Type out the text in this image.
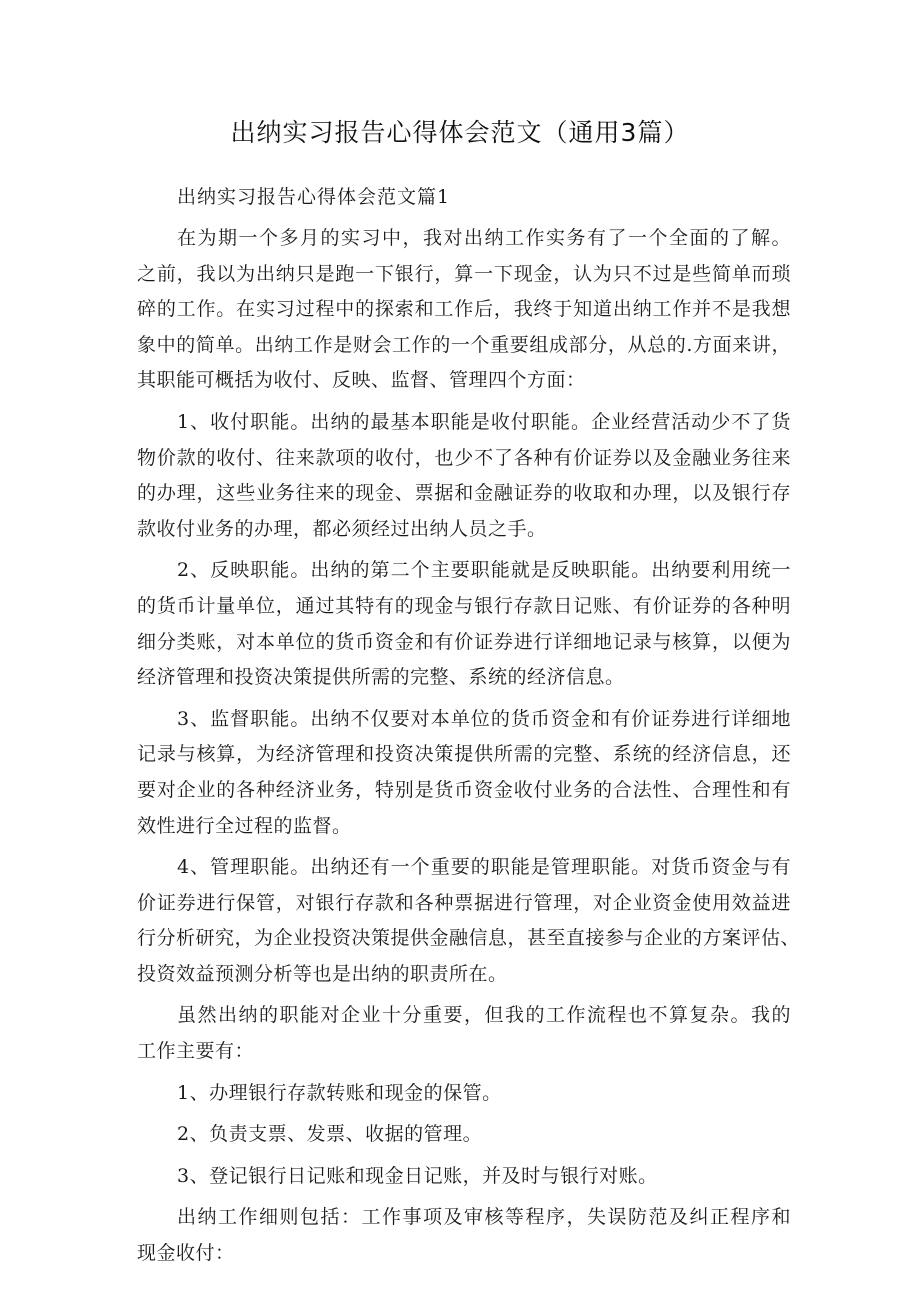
出纳实习报告心得体会范文（通用3篇）

出纳实习报告心得体会范文篇1

在为期一个多月的实习中，我对出纳工作实务有了一个全面的了解。
之前，我以为出纳只是跑一下银行，算一下现金，认为只不过是些简单而琐
碎的工作。在实习过程中的探索和工作后，我终于知道出纳工作并不是我想
象中的简单。出纳工作是财会工作的一个重要组成部分，从总的.方面来讲，
其职能可概括为收付、反映、监督、管理四个方面：

1、收付职能。出纳的最基本职能是收付职能。企业经营活动少不了货
物价款的收付、往来款项的收付，也少不了各种有价证券以及金融业务往来
的办理，这些业务往来的现金、票据和金融证券的收取和办理，以及银行存
款收付业务的办理，都必须经过出纳人员之手。

2、反映职能。出纳的第二个主要职能就是反映职能。出纳要利用统一
的货币计量单位，通过其特有的现金与银行存款日记账、有价证券的各种明
细分类账，对本单位的货币资金和有价证券进行详细地记录与核算，以便为
经济管理和投资决策提供所需的完整、系统的经济信息。

3、监督职能。出纳不仅要对本单位的货币资金和有价证券进行详细地
记录与核算，为经济管理和投资决策提供所需的完整、系统的经济信息，还
要对企业的各种经济业务，特别是货币资金收付业务的合法性、合理性和有
效性进行全过程的监督。

4、管理职能。出纳还有一个重要的职能是管理职能。对货币资金与有
价证券进行保管，对银行存款和各种票据进行管理，对企业资金使用效益进
行分析研究，为企业投资决策提供金融信息，甚至直接参与企业的方案评估、
投资效益预测分析等也是出纳的职责所在。

虽然出纳的职能对企业十分重要，但我的工作流程也不算复杂。我的
工作主要有：

1、办理银行存款转账和现金的保管。

2、负责支票、发票、收据的管理。

3、登记银行日记账和现金日记账，并及时与银行对账。

出纳工作细则包括：工作事项及审核等程序，失误防范及纠正程序和
现金收付：
